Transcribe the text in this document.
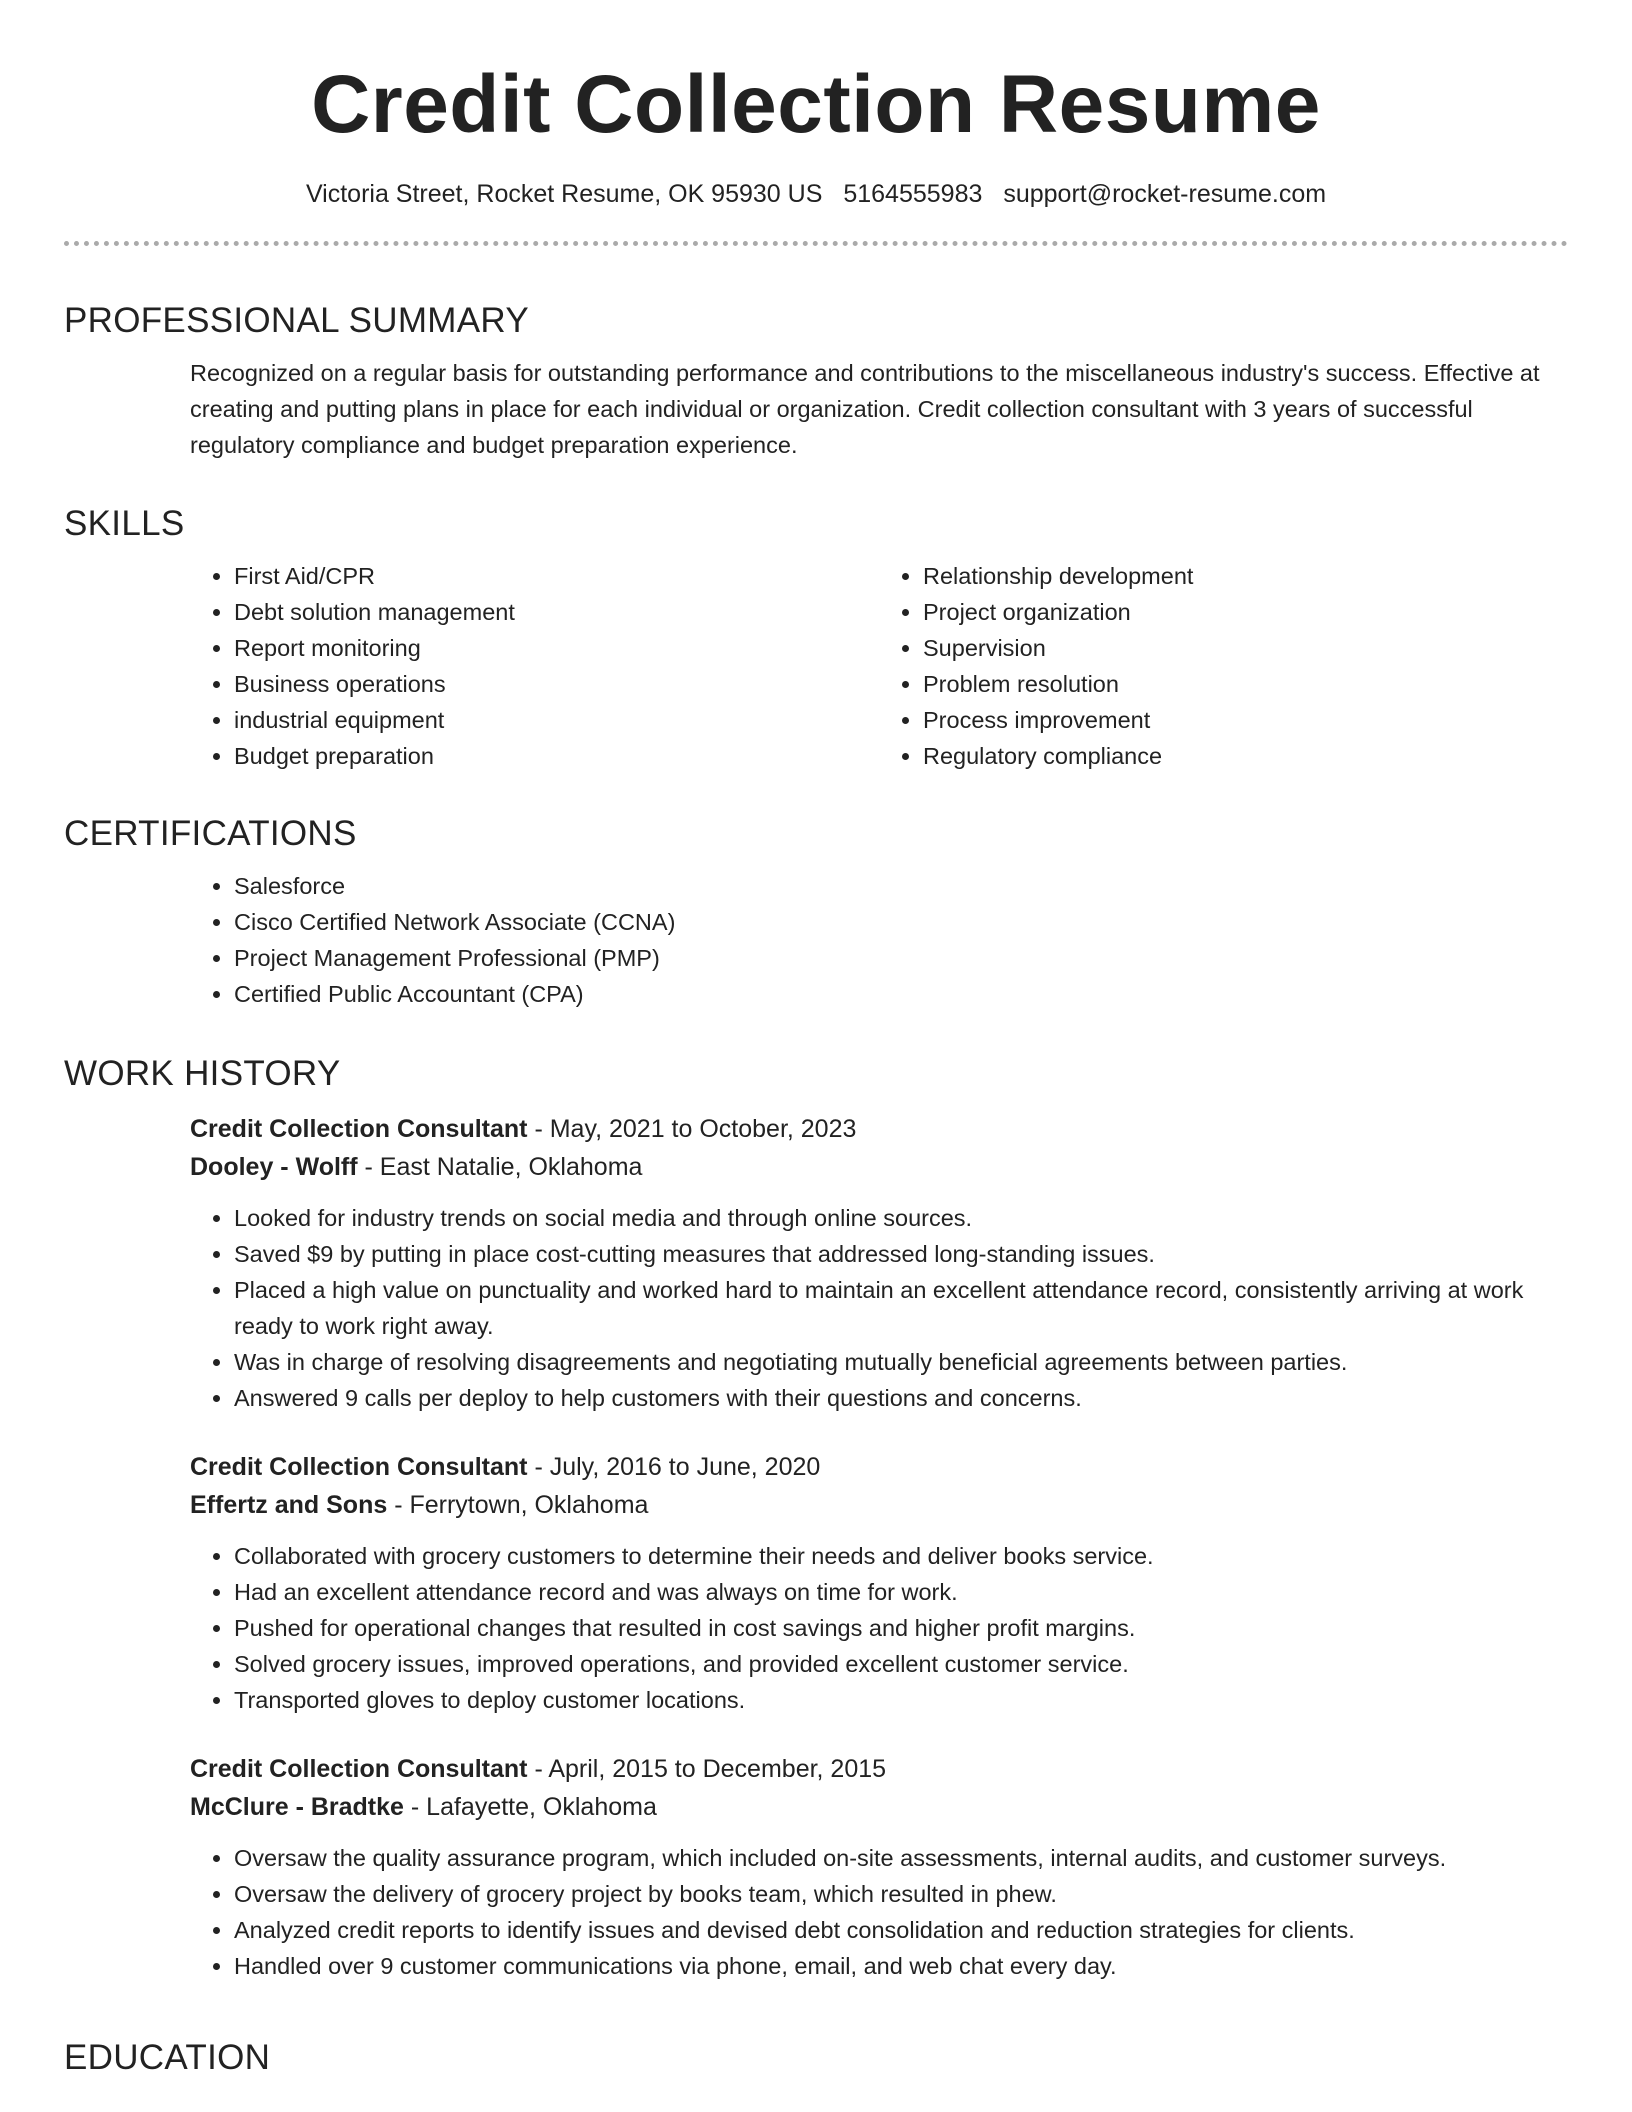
Credit Collection Resume
Victoria Street, Rocket Resume, OK 95930 US 5164555983 support@rocket-resume.com
PROFESSIONAL SUMMARY
Recognized on a regular basis for outstanding performance and contributions to the miscellaneous industry's success. Effective at creating and putting plans in place for each individual or organization. Credit collection consultant with 3 years of successful regulatory compliance and budget preparation experience.
SKILLS
• First Aid/CPR
• Debt solution management
• Report monitoring
• Business operations
• industrial equipment
• Budget preparation
• Relationship development
• Project organization
• Supervision
• Problem resolution
• Process improvement
• Regulatory compliance
CERTIFICATIONS
• Salesforce
• Cisco Certified Network Associate (CCNA)
• Project Management Professional (PMP)
• Certified Public Accountant (CPA)
WORK HISTORY
Credit Collection Consultant - May, 2021 to October, 2023
Dooley - Wolff - East Natalie, Oklahoma
• Looked for industry trends on social media and through online sources.
• Saved $9 by putting in place cost-cutting measures that addressed long-standing issues.
• Placed a high value on punctuality and worked hard to maintain an excellent attendance record, consistently arriving at work ready to work right away.
• Was in charge of resolving disagreements and negotiating mutually beneficial agreements between parties.
• Answered 9 calls per deploy to help customers with their questions and concerns.
Credit Collection Consultant - July, 2016 to June, 2020
Effertz and Sons - Ferrytown, Oklahoma
• Collaborated with grocery customers to determine their needs and deliver books service.
• Had an excellent attendance record and was always on time for work.
• Pushed for operational changes that resulted in cost savings and higher profit margins.
• Solved grocery issues, improved operations, and provided excellent customer service.
• Transported gloves to deploy customer locations.
Credit Collection Consultant - April, 2015 to December, 2015
McClure - Bradtke - Lafayette, Oklahoma
• Oversaw the quality assurance program, which included on-site assessments, internal audits, and customer surveys.
• Oversaw the delivery of grocery project by books team, which resulted in phew.
• Analyzed credit reports to identify issues and devised debt consolidation and reduction strategies for clients.
• Handled over 9 customer communications via phone, email, and web chat every day.
EDUCATION
